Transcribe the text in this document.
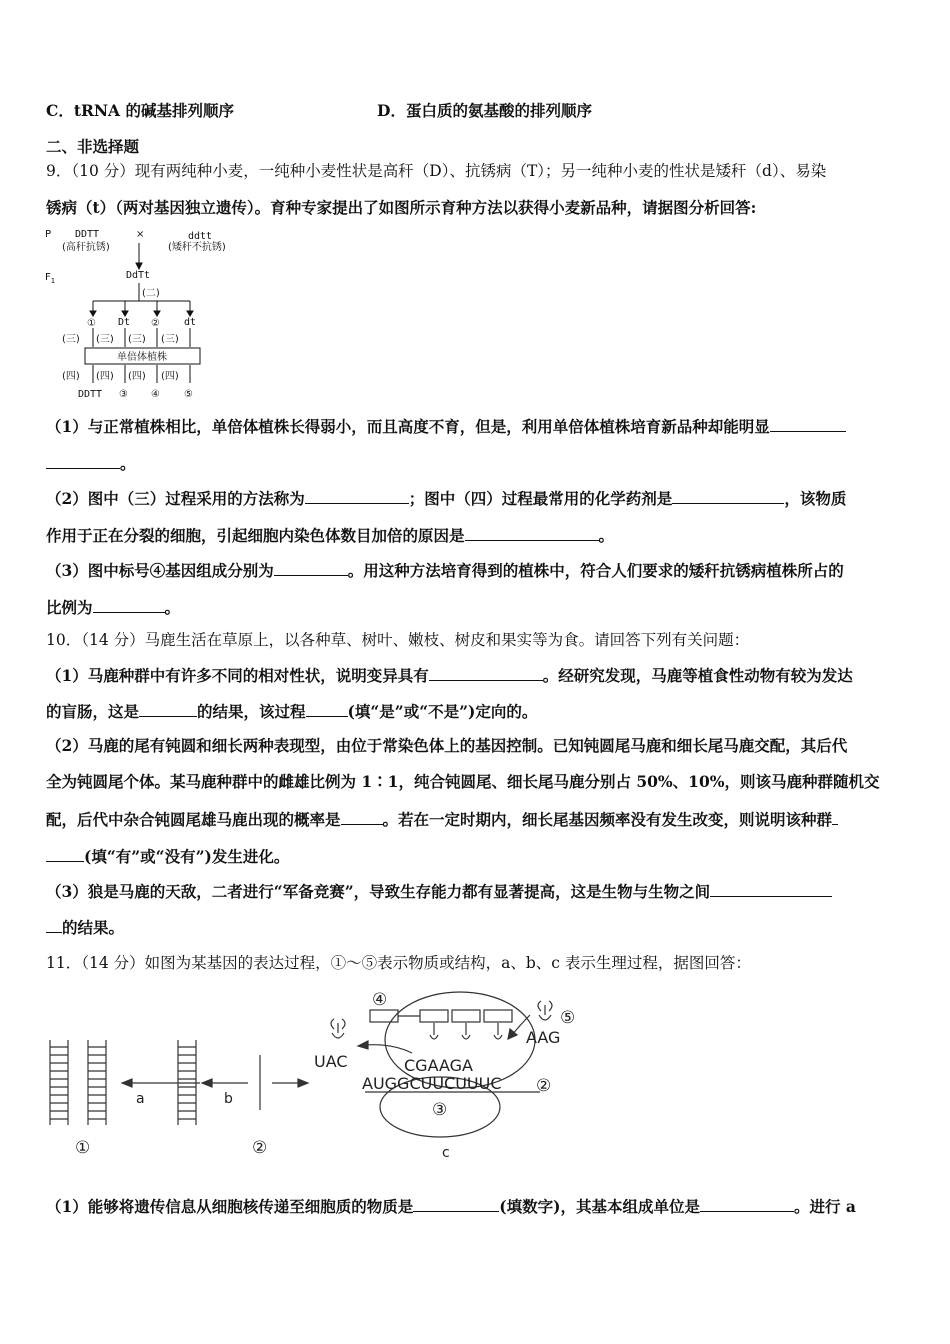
C．tRNA 的碱基排列顺序	D．蛋白质的氨基酸的排列顺序
二、非选择题
9．（10 分）现有两纯种小麦，一纯种小麦性状是高秆（D）、抗锈病（T）；另一纯种小麦的性状是矮秆（d）、易染
锈病（t）（两对基因独立遗传）。育种专家提出了如图所示育种方法以获得小麦新品种，请据图分析回答:
P DDTT
(高秆抗锈)
×	ddtt
(矮秆不抗锈)
$F_1$	DdTt
(二)
① Dt ② dt
(三) (三) (三) (三)
单倍体植株
(四) (四) (四) (四)
DDTT ③ ④ ⑤
（1）与正常植株相比，单倍体植株长得弱小，而且高度不育，但是，利用单倍体植株培育新品种却能明显
。
（2）图中（三）过程采用的方法称为	；图中（四）过程最常用的化学药剂是	，该物质
作用于正在分裂的细胞，引起细胞内染色体数目加倍的原因是	。
（3）图中标号④基因组成分别为	。用这种方法培育得到的植株中，符合人们要求的矮秆抗锈病植株所占的
比例为	。
10．（14 分）马鹿生活在草原上，以各种草、树叶、嫩枝、树皮和果实等为食。请回答下列有关问题：
（1）马鹿种群中有许多不同的相对性状，说明变异具有	。经研究发现，马鹿等植食性动物有较为发达
的盲肠，这是	的结果，该过程	(填“是”或“不是”)定向的。
（2）马鹿的尾有钝圆和细长两种表现型，由位于常染色体上的基因控制。已知钝圆尾马鹿和细长尾马鹿交配，其后代
全为钝圆尾个体。某马鹿种群中的雌雄比例为 1∶1，纯合钝圆尾、细长尾马鹿分别占 50%、10%，则该马鹿种群随机交
配，后代中杂合钝圆尾雄马鹿出现的概率是	。若在一定时期内，细长尾基因频率没有发生改变，则说明该种群
(填“有”或“没有”)发生进化。
（3）狼是马鹿的天敌，二者进行“军备竞赛”，导致生存能力都有显著提高，这是生物与生物之间
的结果。
11．（14 分）如图为某基因的表达过程，①～⑤表示物质或结构，a、b、c 表示生理过程，据图回答：
①	②
a	b
c
UAC
AAG
CGAAGA
AUGGCUUCUUUC ②
③
④
⑤
（1）能够将遗传信息从细胞核传递至细胞质的物质是	(填数字)，其基本组成单位是	。进行 a
